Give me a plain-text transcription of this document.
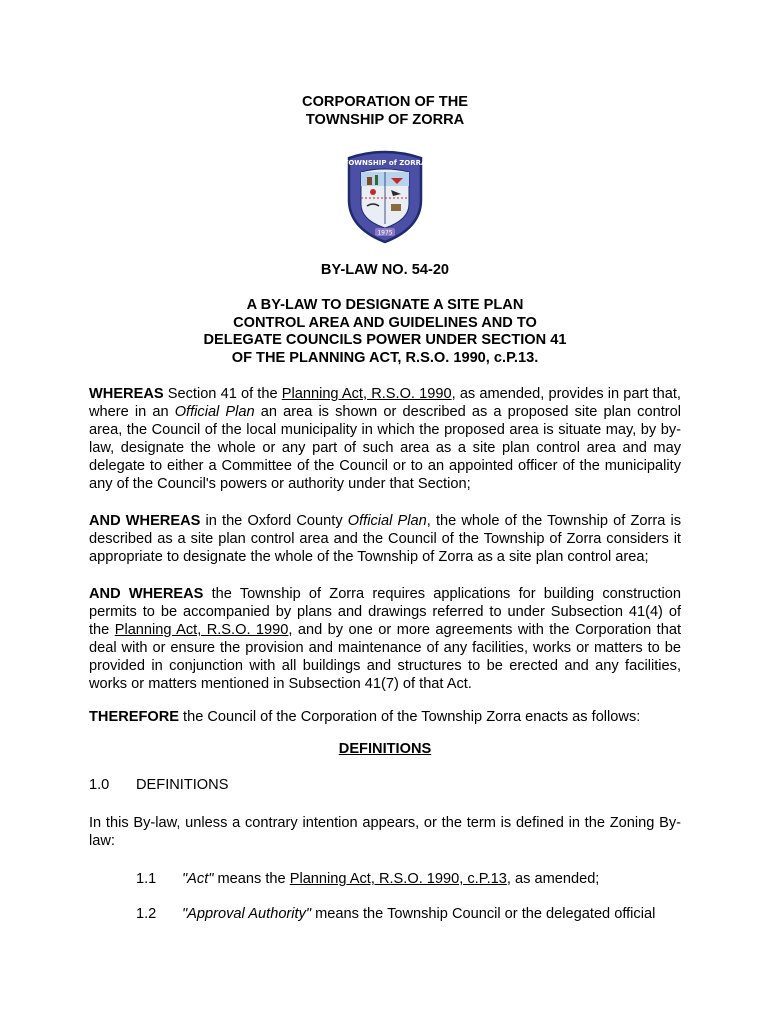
CORPORATION OF THE
TOWNSHIP OF ZORRA
TOWNSHIP of ZORRA
1975
BY-LAW NO. 54-20
A BY-LAW TO DESIGNATE A SITE PLAN
CONTROL AREA AND GUIDELINES AND TO
DELEGATE COUNCILS POWER UNDER SECTION 41
OF THE PLANNING ACT, R.S.O. 1990, c.P.13.
WHEREAS Section 41 of the Planning Act, R.S.O. 1990, as amended, provides in part that, where in an Official Plan an area is shown or described as a proposed site plan control area, the Council of the local municipality in which the proposed area is situate may, by by-law, designate the whole or any part of such area as a site plan control area and may delegate to either a Committee of the Council or to an appointed officer of the municipality any of the Council's powers or authority under that Section;
AND WHEREAS in the Oxford County Official Plan, the whole of the Township of Zorra is described as a site plan control area and the Council of the Township of Zorra considers it appropriate to designate the whole of the Township of Zorra as a site plan control area;
AND WHEREAS the Township of Zorra requires applications for building construction permits to be accompanied by plans and drawings referred to under Subsection 41(4) of the Planning Act, R.S.O. 1990, and by one or more agreements with the Corporation that deal with or ensure the provision and maintenance of any facilities, works or matters to be provided in conjunction with all buildings and structures to be erected and any facilities, works or matters mentioned in Subsection 41(7) of that Act.
THEREFORE the Council of the Corporation of the Township Zorra enacts as follows:
DEFINITIONS
1.0 DEFINITIONS
In this By-law, unless a contrary intention appears, or the term is defined in the Zoning By-law:
1.1 "Act" means the Planning Act, R.S.O. 1990, c.P.13, as amended;
1.2 "Approval Authority" means the Township Council or the delegated official
